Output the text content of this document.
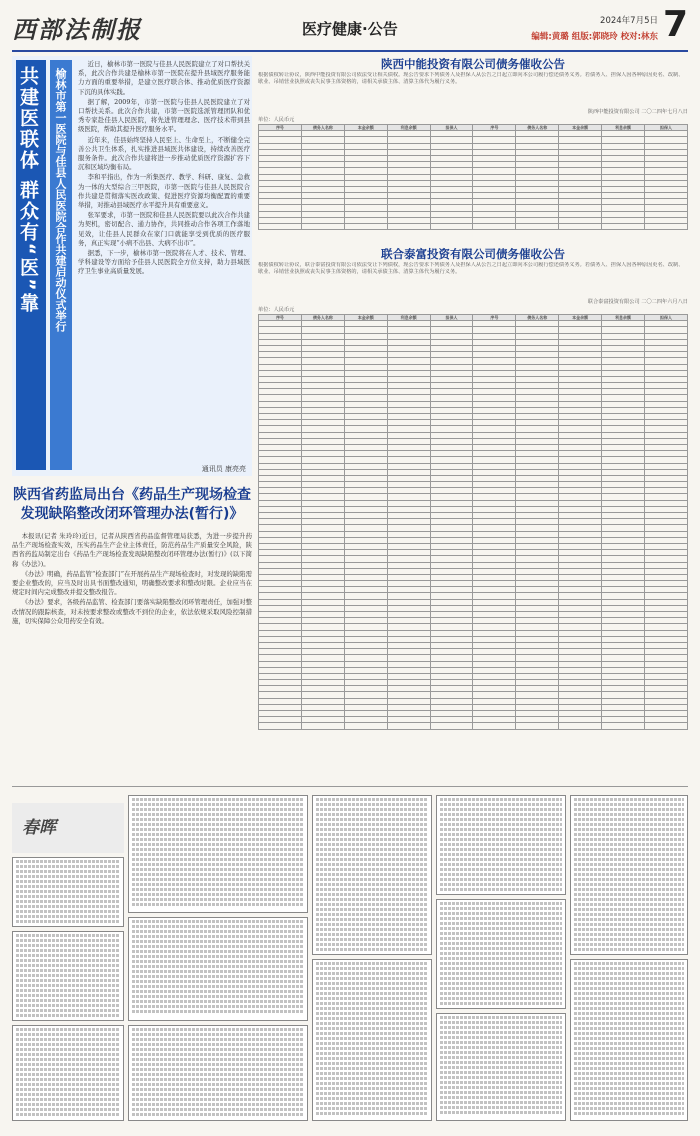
西部法制报	医疗健康·公告	2024年7月5日
编辑:黄璐 组版:郭晓玲 校对:林东 7
共建医联体 群众有“医”靠	榆林市第一医院与佳县人民医院合作共建启动仪式举行

近日，榆林市第一医院与佳县人民医院建立了对口帮扶关系，此次合作共建是榆林市第一医院在提升县域医疗服务能力方面的重要举措，是建立医疗联合体、推动优质医疗资源下沉的具体实践。

据了解，2009年，市第一医院与佳县人民医院建立了对口帮扶关系。此次合作共建，市第一医院选派管理团队和优秀专家赴佳县人民医院，将先进管理理念、医疗技术带到县级医院，帮助其提升医疗服务水平。

近年来，佳县始终坚持人民至上、生命至上，不断健全完善公共卫生体系，扎实推进县域医共体建设，持续改善医疗服务条件。此次合作共建将进一步推动优质医疗资源扩容下沉和区域均衡布局。

李和平指出，作为一所集医疗、教学、科研、康复、急救为一体的大型综合三甲医院，市第一医院与佳县人民医院合作共建是贯彻落实医改政策、促进医疗资源均衡配置的重要举措，对推动县域医疗水平提升具有重要意义。

张军要求，市第一医院和佳县人民医院要以此次合作共建为契机，密切配合、通力协作，共同推动合作各项工作落地见效，让佳县人民群众在家门口就能享受到优质的医疗服务，真正实现“小病不出县、大病不出市”。

据悉，下一步，榆林市第一医院将在人才、技术、管理、学科建设等方面给予佳县人民医院全方位支持，助力县域医疗卫生事业高质量发展。

通讯员 康亮亮
陕西省药监局出台《药品生产现场检查发现缺陷整改闭环管理办法(暂行)》

本报讯(记者 朱玲玲)近日，记者从陕西省药品监督管理局获悉，为进一步提升药品生产现场检查实效，压实药品生产企业主体责任，防范药品生产质量安全风险，陕西省药监局制定出台《药品生产现场检查发现缺陷整改闭环管理办法(暂行)》(以下简称《办法》)。

《办法》明确，药品监管“检查部门”在开展药品生产现场检查时，对发现的缺陷需要企业整改的，应当及时出具书面整改通知，明确整改要求和整改时限。企业应当在规定时间内完成整改并提交整改报告。

《办法》要求，各级药品监管、检查部门要落实缺陷整改闭环管理责任，加强对整改情况的跟踪核查，对未按要求整改或整改不到位的企业，依法依规采取风险控制措施，切实保障公众用药安全有效。

陕西中能投资有限公司债务催收公告
根据债权转让协议，陕西中能投资有限公司依法受让相关债权。现公告要求下列债务人及担保人从公告之日起立即向本公司履行偿还债务义务。若债务人、担保人因各种原因更名、改制、歇业、吊销营业执照或丧失民事主体资格的，请相关承债主体、清算主体代为履行义务。
陕西中能投资有限公司 二〇二四年七月八日
单位：人民币元
序号	债务人名称	本金余额	利息余额	担保人	序号	债务人名称	本金余额	利息余额	担保人

联合泰富投资有限公司债务催收公告
根据债权转让协议，联合泰富投资有限公司依法受让下列债权，现公告要求下列债务人及担保人从公告之日起立即向本公司履行偿还债务义务。若债务人、担保人因各种原因更名、改制、歇业、吊销营业执照或丧失民事主体资格的，请相关承债主体、清算主体代为履行义务。
联合泰富投资有限公司 二〇二四年六月八日
单位：人民币元
序号	债务人名称	本金余额	利息余额	担保人	序号	债务人名称	本金余额	利息余额	担保人

春晖
